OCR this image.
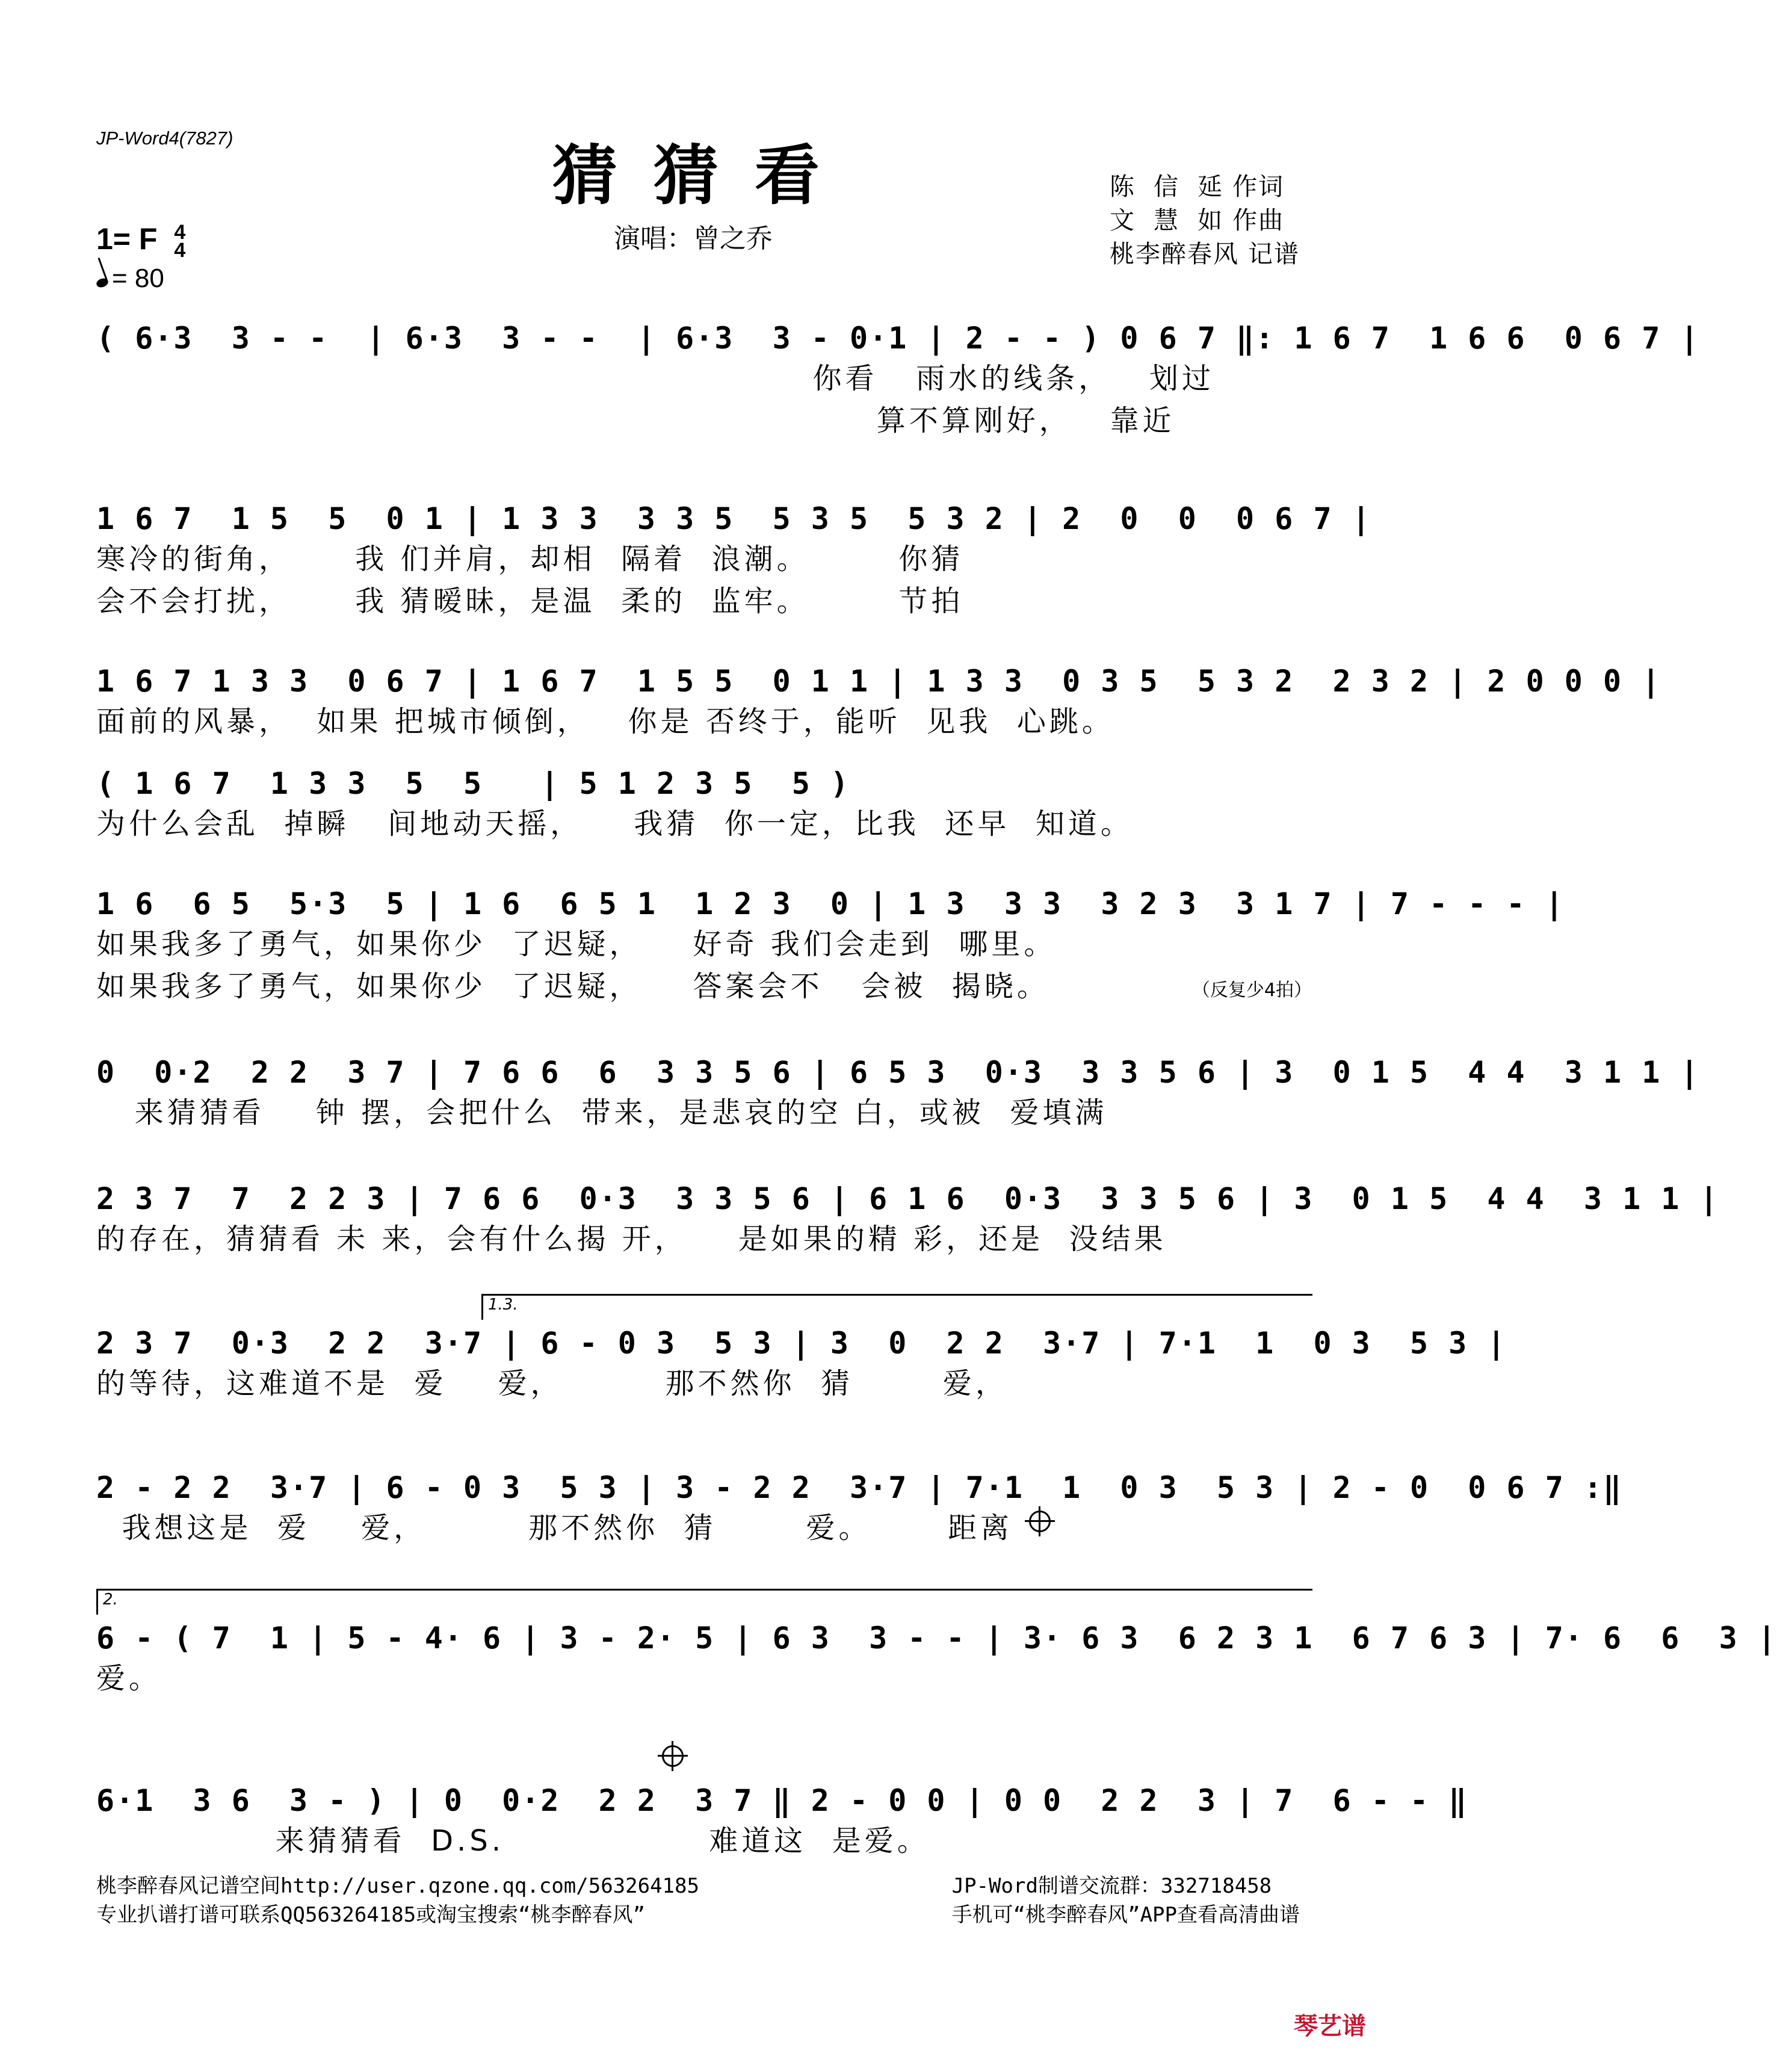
JP-Word4(7827)	猜猜看	陈  信  延 作词
文  慧  如 作曲
桃李醉春风 记谱
演唱：曾之乔
1= F 4
4
= 80
( 6·3  3 - -  | 6·3  3 - -  | 6·3  3 - 0·1 | 2 - - ) 0 6 7 ‖: 1 6 7  1 6 6  0 6 7 |
你看   雨水的线条，   划过
算不算刚好，   靠近
1 6 7  1 5  5  0 1 | 1 3 3  3 3 5  5 3 5  5 3 2 | 2  0  0  0 6 7 |
寒冷的街角，     我 们并肩，却相  隔着  浪潮。       你猜
会不会打扰，     我 猜暧昧，是温  柔的  监牢。       节拍
1 6 7 1 3 3  0 6 7 | 1 6 7  1 5 5  0 1 1 | 1 3 3  0 3 5  5 3 2  2 3 2 | 2 0 0 0 |
面前的风暴，  如果 把城市倾倒，   你是 否终于，能听  见我  心跳。
( 1 6 7  1 3 3  5  5   | 5 1 2 3 5  5 )
为什么会乱  掉瞬   间地动天摇，    我猜  你一定，比我  还早  知道。
1 6  6 5  5·3  5 | 1 6  6 5 1  1 2 3  0 | 1 3  3 3  3 2 3  3 1 7 | 7 - - - |
如果我多了勇气，如果你少  了迟疑，    好奇 我们会走到  哪里。
如果我多了勇气，如果你少  了迟疑，    答案会不   会被  揭晓。	（反复少4拍）
0  0·2  2 2  3 7 | 7 6 6  6  3 3 5 6 | 6 5 3  0·3  3 3 5 6 | 3  0 1 5  4 4  3 1 1 |
来猜猜看    钟 摆，会把什么  带来，是悲哀的空 白，或被  爱填满
2 3 7  7  2 2 3 | 7 6 6  0·3  3 3 5 6 | 6 1 6  0·3  3 3 5 6 | 3  0 1 5  4 4  3 1 1 |
的存在，猜猜看 未 来，会有什么揭 开，    是如果的精 彩，还是  没结果
1.3.
2 3 7  0·3  2 2  3·7 | 6 - 0 3  5 3 | 3  0  2 2  3·7 | 7·1  1  0 3  5 3 |
的等待，这难道不是  爱    爱，        那不然你  猜       爱，
2 - 2 2  3·7 | 6 - 0 3  5 3 | 3 - 2 2  3·7 | 7·1  1  0 3  5 3 | 2 - 0  0 6 7 :‖
我想这是  爱    爱，        那不然你  猜       爱。      距离
2.
6 - ( 7  1 | 5 - 4· 6 | 3 - 2· 5 | 6 3  3 - - | 3· 6 3  6 2 3 1  6 7 6 3 | 7· 6  6  3 |
爱。
6·1  3 6  3 - ) | 0  0·2  2 2  3 7 ‖ 2 - 0 0 | 0 0  2 2  3 | 7  6 - - ‖
来猜猜看  D.S.                难道这  是爱。
桃李醉春风记谱空间http://user.qzone.qq.com/563264185
专业扒谱打谱可联系QQ563264185或淘宝搜索“桃李醉春风”
JP-Word制谱交流群：332718458
手机可“桃李醉春风”APP查看高清曲谱
琴艺谱
